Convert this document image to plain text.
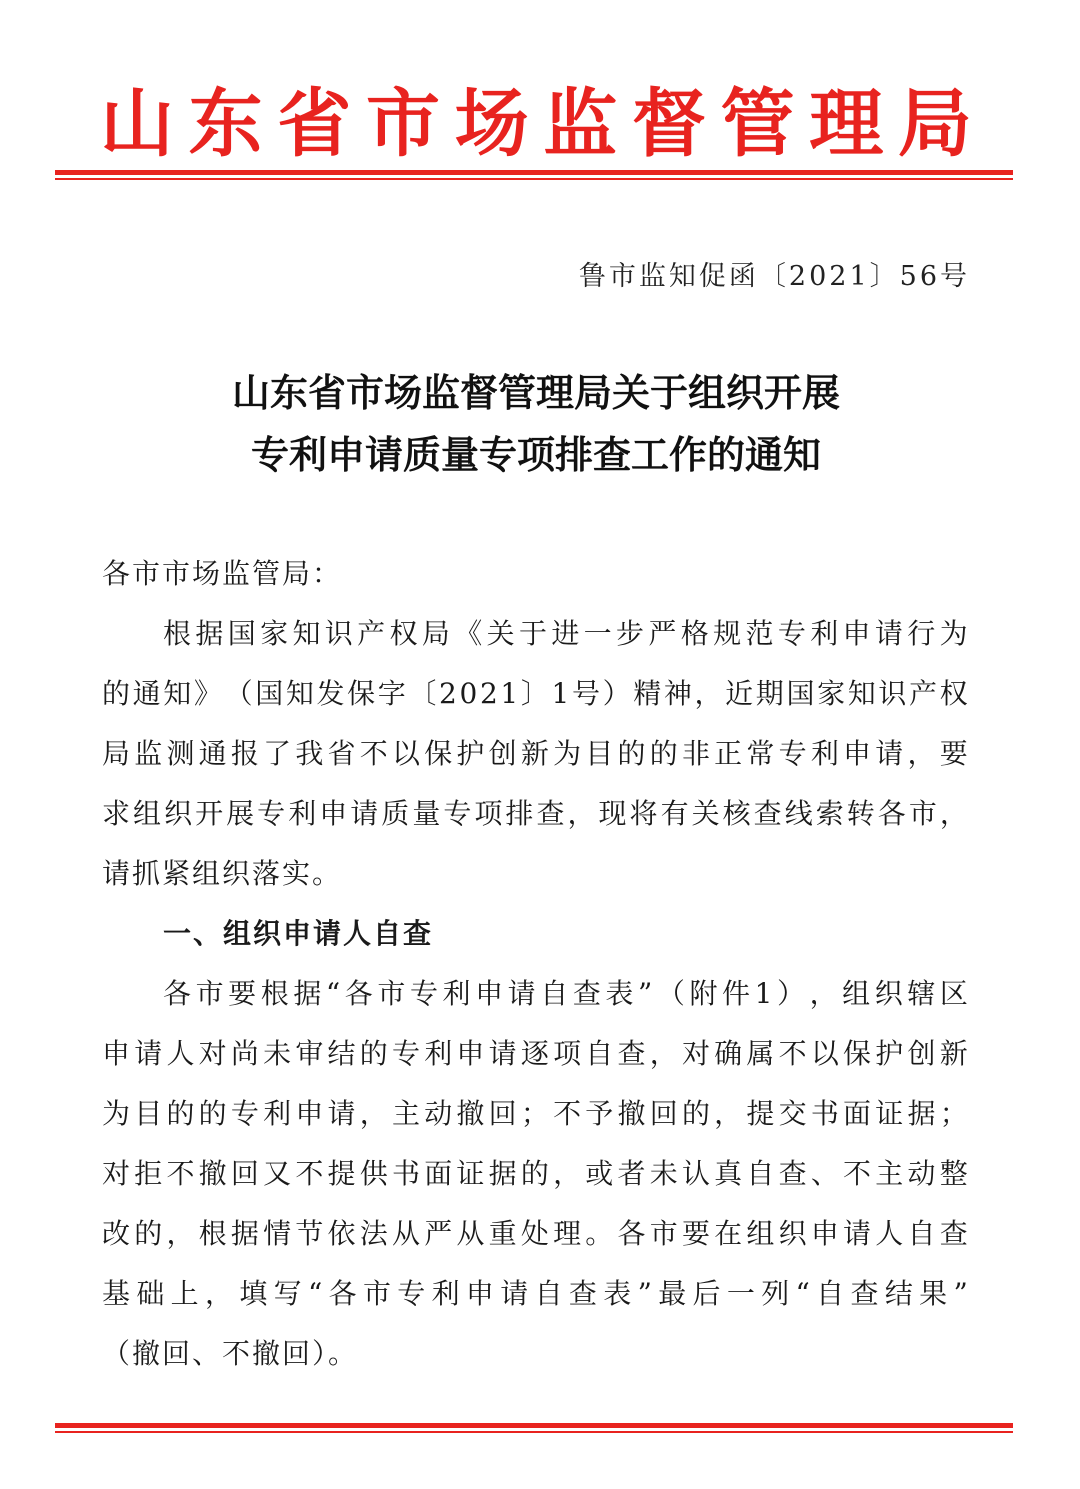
山 东 省 市 场 监 督 管 理 局
鲁市监知促函〔2021〕56号
山东省市场监督管理局关于组织开展
专利申请质量专项排查工作的通知
各市市场监管局：
根 据 国 家 知 识 产 权 局 《 关 于 进 一 步 严 格 规 范 专 利 申 请 行 为
的 通 知 》 （ 国 知 发 保 字 〔 2 0 2 1 〕 1 号 ） 精 神 ， 近 期 国 家 知 识 产 权
局 监 测 通 报 了 我 省 不 以 保 护 创 新 为 目 的 的 非 正 常 专 利 申 请 ， 要
求 组 织 开 展 专 利 申 请 质 量 专 项 排 查 ， 现 将 有 关 核 查 线 索 转 各 市 ，
请抓紧组织落实。
一、组织申请人自查
各 市 要 根 据 “ 各 市 专 利 申 请 自 查 表 ” （ 附 件 1 ） ， 组 织 辖 区
申 请 人 对 尚 未 审 结 的 专 利 申 请 逐 项 自 查 ， 对 确 属 不 以 保 护 创 新
为 目 的 的 专 利 申 请 ， 主 动 撤 回 ； 不 予 撤 回 的 ， 提 交 书 面 证 据 ；
对 拒 不 撤 回 又 不 提 供 书 面 证 据 的 ， 或 者 未 认 真 自 查 、 不 主 动 整
改 的 ， 根 据 情 节 依 法 从 严 从 重 处 理 。 各 市 要 在 组 织 申 请 人 自 查
基 础 上 ， 填 写 “ 各 市 专 利 申 请 自 查 表 ” 最 后 一 列 “ 自 查 结 果 ”
（撤回、不撤回）。
